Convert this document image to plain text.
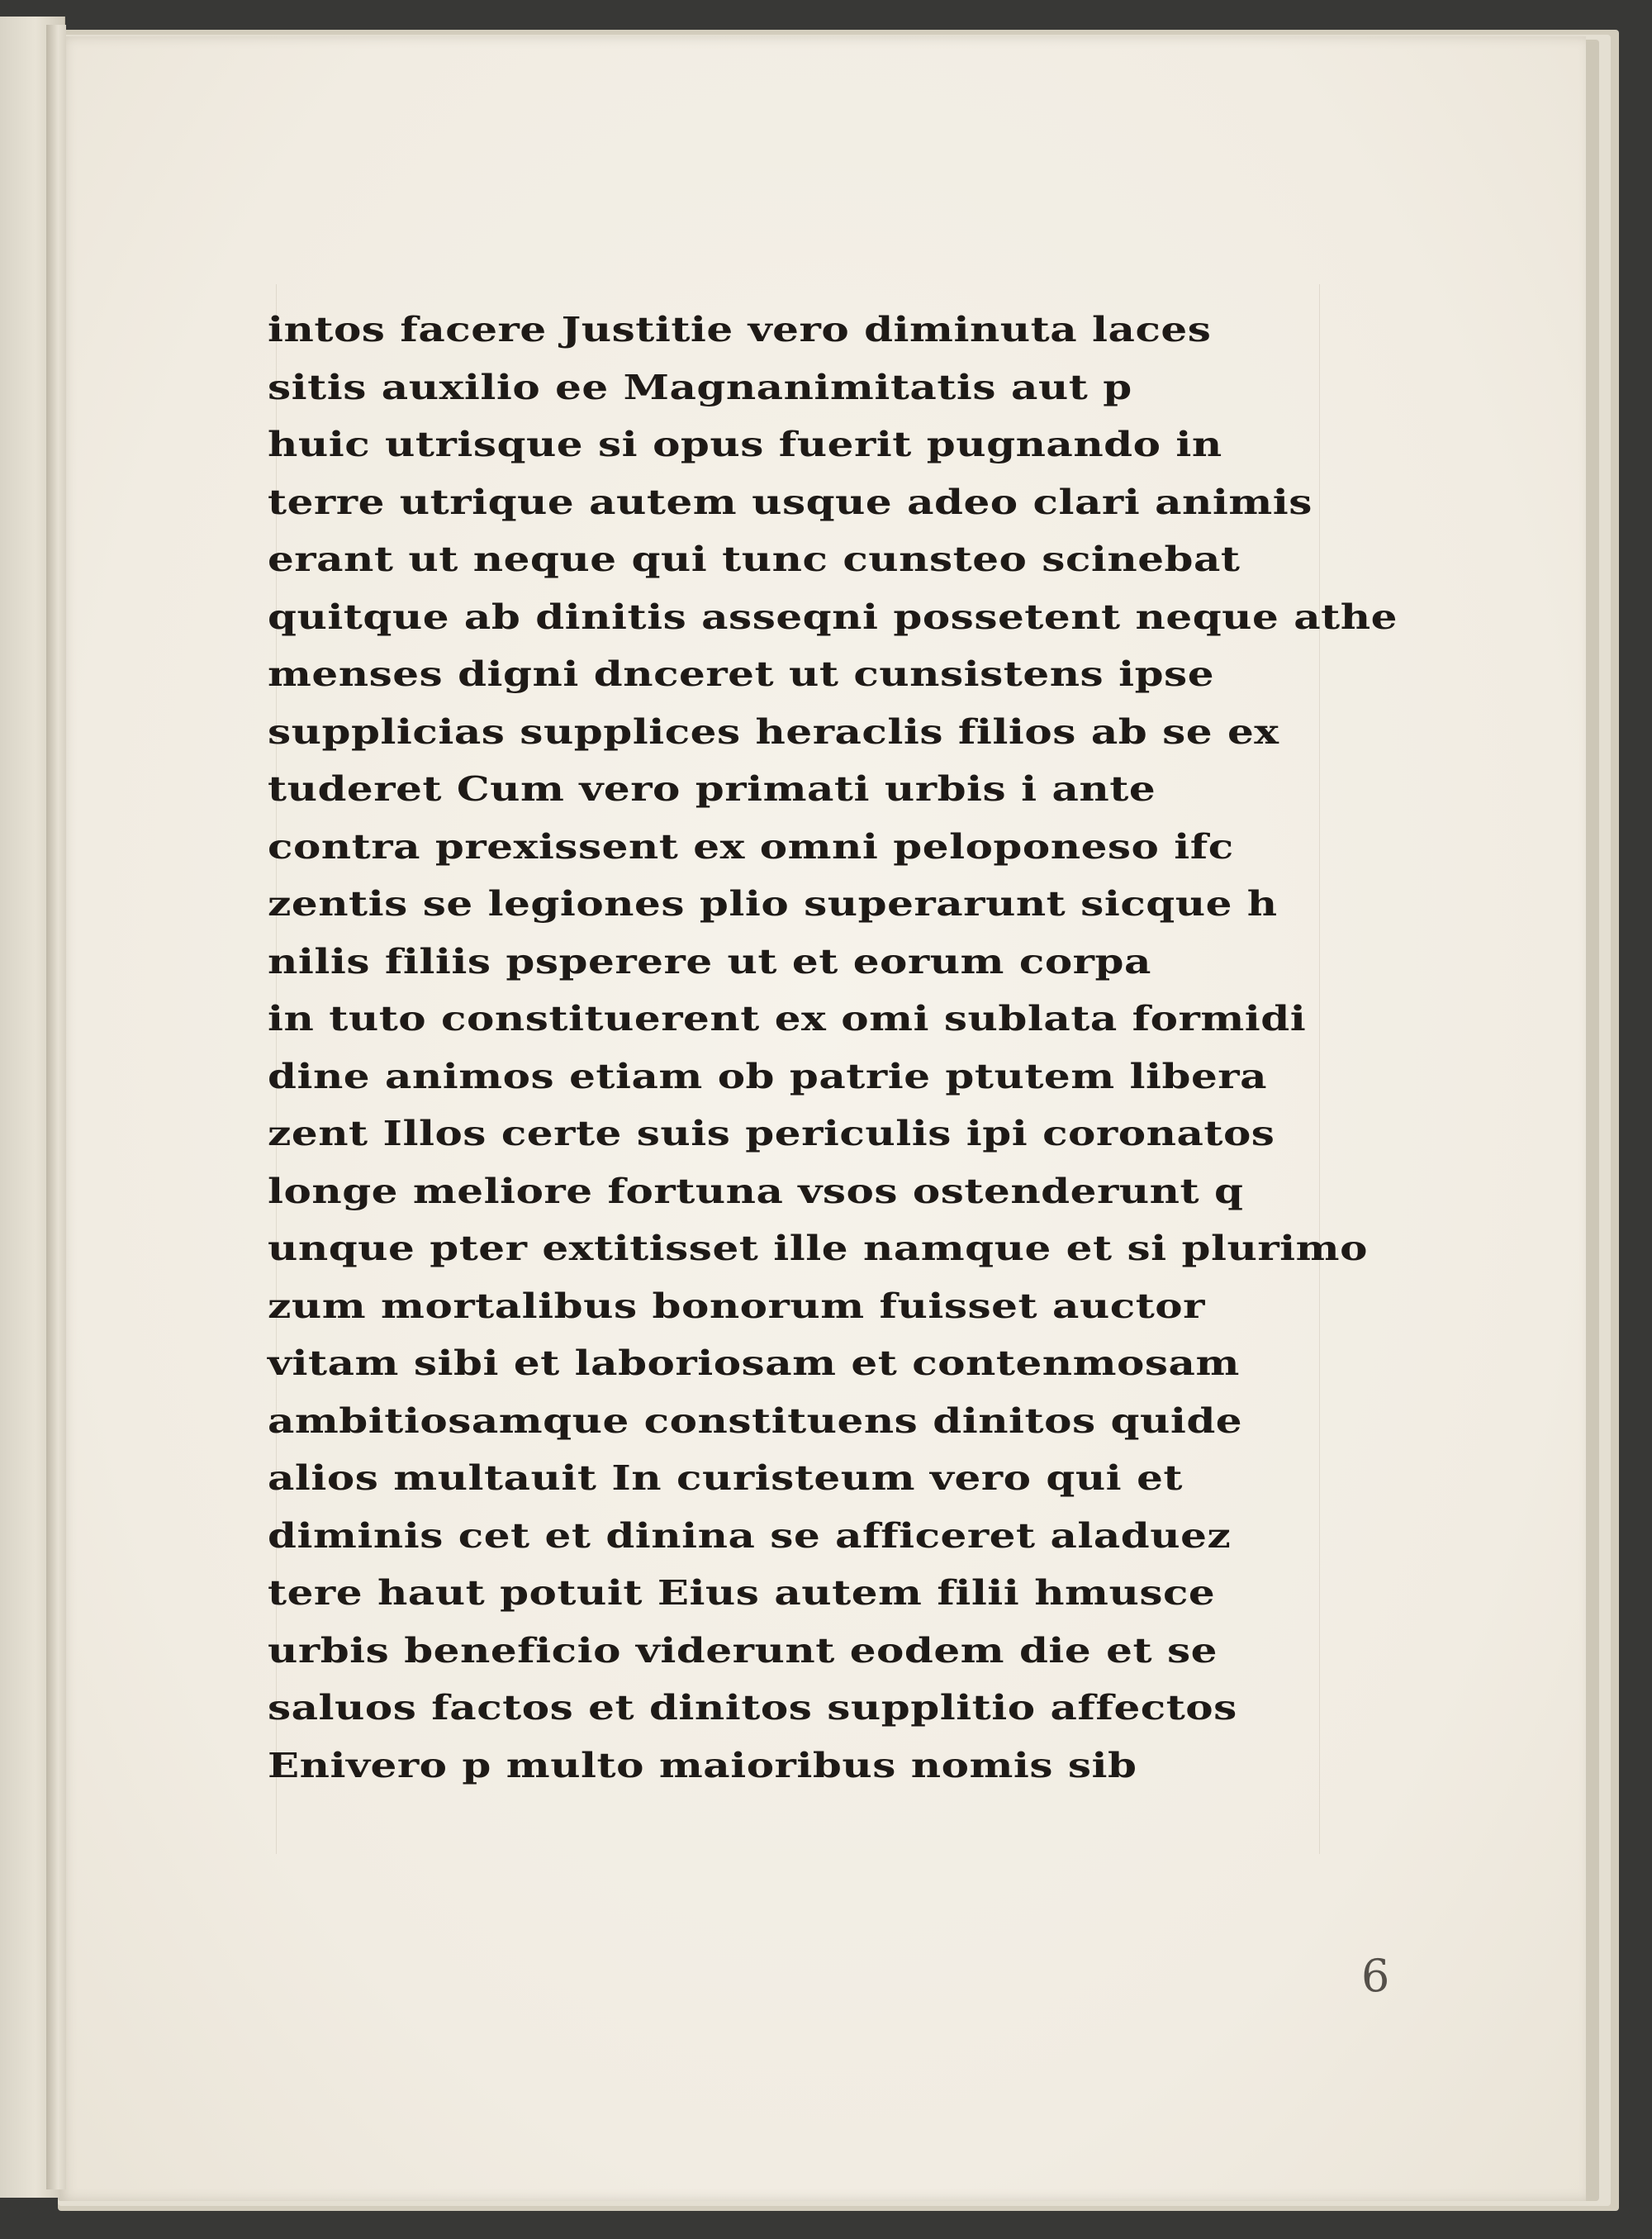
intos facere Justitie vero diminuta laces
sitis auxilio ee Magnanimitatis aut p
huic utrisque si opus fuerit pugnando in
terre utrique autem usque adeo clari animis
erant ut neque qui tunc cunsteo scinebat
quitque ab dinitis asseqni possetent neque athe
menses digni dnceret ut cunsistens ipse
supplicias supplices heraclis filios ab se ex
tuderet Cum vero primati urbis i ante
contra prexissent ex omni peloponeso ifc
zentis se legiones plio superarunt sicque h
nilis filiis psperere ut et eorum corpa
in tuto constituerent ex omi sublata formidi
dine animos etiam ob patrie ptutem libera
zent Illos certe suis periculis ipi coronatos
longe meliore fortuna vsos ostenderunt q
unque pter extitisset ille namque et si plurimo
zum mortalibus bonorum fuisset auctor
vitam sibi et laboriosam et contenmosam
ambitiosamque constituens dinitos quide
alios multauit In curisteum vero qui et
diminis cet et dinina se afficeret aladuez
tere haut potuit Eius autem filii hmusce
urbis beneficio viderunt eodem die et se
saluos factos et dinitos supplitio affectos
Enivero p multo maioribus nomis sib
6
